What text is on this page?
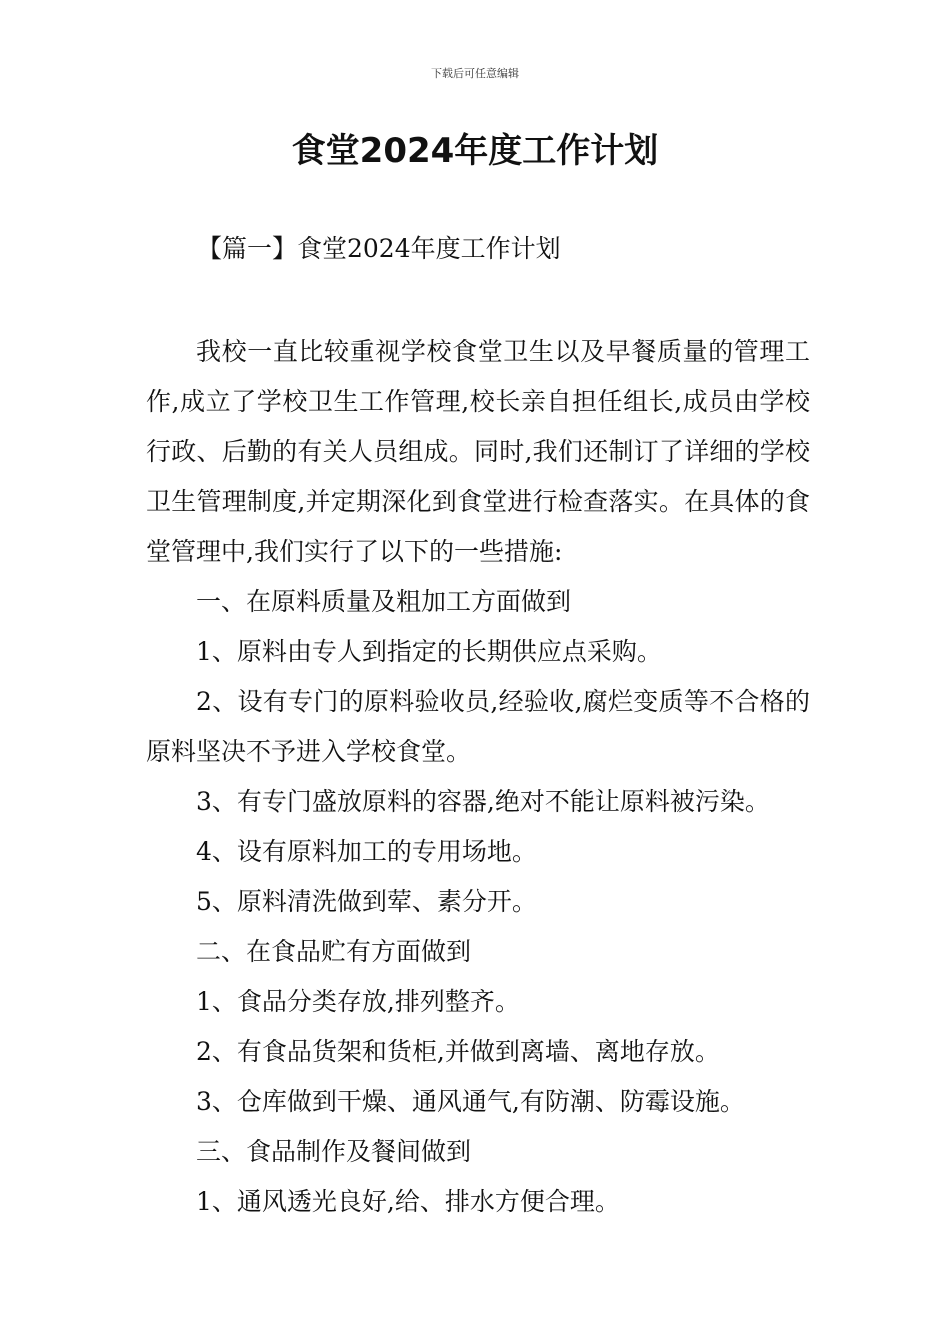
下载后可任意编辑
食堂2024年度工作计划
【篇一】食堂2024年度工作计划

我校一直比较重视学校食堂卫生以及早餐质量的管理工作,成立了学校卫生工作管理,校长亲自担任组长,成员由学校行政、后勤的有关人员组成。同时,我们还制订了详细的学校卫生管理制度,并定期深化到食堂进行检查落实。在具体的食堂管理中,我们实行了以下的一些措施:

一、在原料质量及粗加工方面做到

1、原料由专人到指定的长期供应点采购。

2、设有专门的原料验收员,经验收,腐烂变质等不合格的原料坚决不予进入学校食堂。

3、有专门盛放原料的容器,绝对不能让原料被污染。

4、设有原料加工的专用场地。

5、原料清洗做到荤、素分开。

二、在食品贮有方面做到

1、食品分类存放,排列整齐。

2、有食品货架和货柜,并做到离墙、离地存放。

3、仓库做到干燥、通风通气,有防潮、防霉设施。

三、食品制作及餐间做到

1、通风透光良好,给、排水方便合理。
